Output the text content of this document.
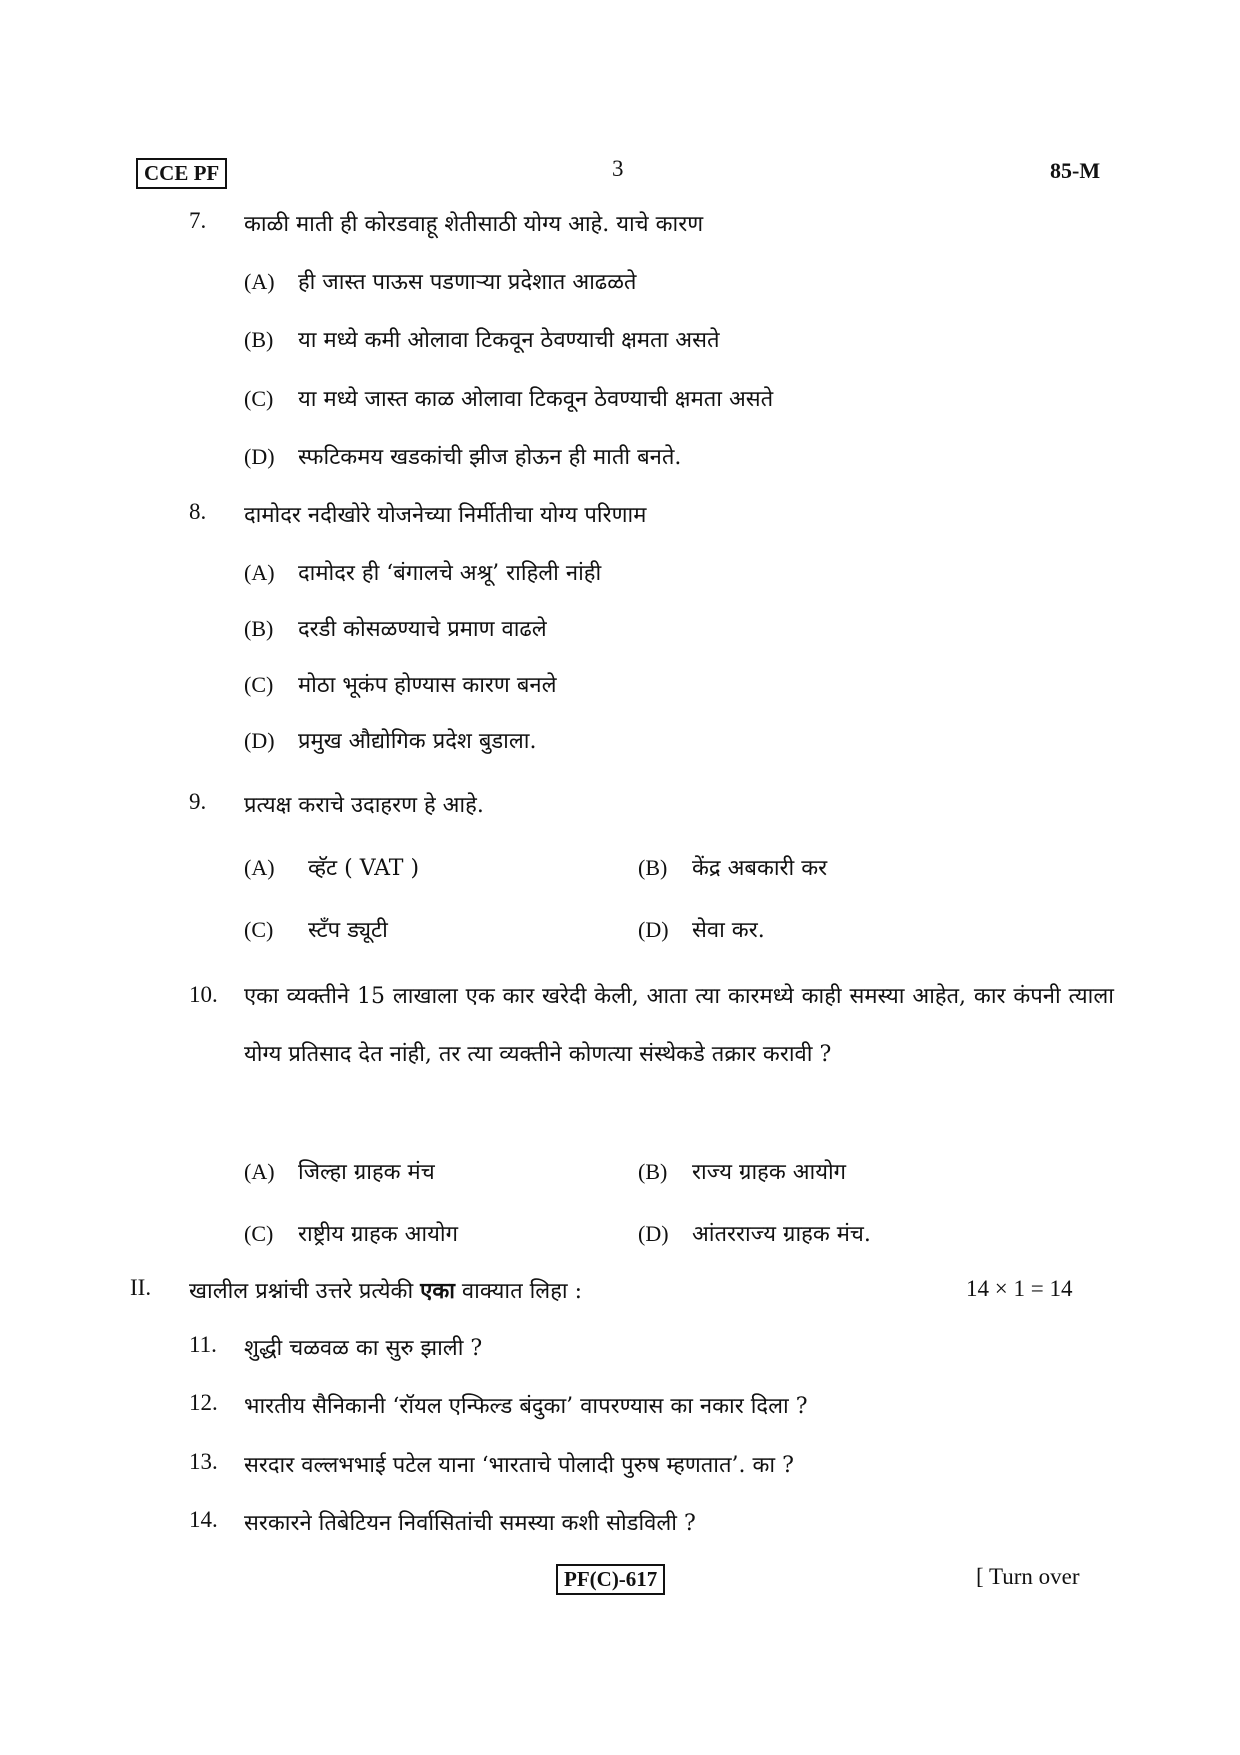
CCE PF	3	85-M
7. काळी माती ही कोरडवाहू शेतीसाठी योग्य आहे. याचे कारण
(A) ही जास्त पाऊस पडणाऱ्या प्रदेशात आढळते
(B) या मध्ये कमी ओलावा टिकवून ठेवण्याची क्षमता असते
(C) या मध्ये जास्त काळ ओलावा टिकवून ठेवण्याची क्षमता असते
(D) स्फटिकमय खडकांची झीज होऊन ही माती बनते.
8. दामोदर नदीखोरे योजनेच्या निर्मीतीचा योग्य परिणाम
(A) दामोदर ही ‘बंगालचे अश्रू’ राहिली नांही
(B) दरडी कोसळण्याचे प्रमाण वाढले
(C) मोठा भूकंप होण्यास कारण बनले
(D) प्रमुख औद्योगिक प्रदेश बुडाला.
9. प्रत्यक्ष कराचे उदाहरण हे आहे.
(A) व्हॅट ( VAT )	(B) केंद्र अबकारी कर
(C) स्टँप ड्यूटी	(D) सेवा कर.
10. एका व्यक्तीने 15 लाखाला एक कार खरेदी केली, आता त्या कारमध्ये काही समस्या आहेत, कार कंपनी त्याला योग्य प्रतिसाद देत नांही, तर त्या व्यक्तीने कोणत्या संस्थेकडे तक्रार करावी ?
(A) जिल्हा ग्राहक मंच	(B) राज्य ग्राहक आयोग
(C) राष्ट्रीय ग्राहक आयोग	(D) आंतरराज्य ग्राहक मंच.
II. खालील प्रश्नांची उत्तरे प्रत्येकी एका वाक्यात लिहा :	14 × 1 = 14
11. शुद्धी चळवळ का सुरु झाली ?
12. भारतीय सैनिकानी ‘रॉयल एन्फिल्ड बंदुका’ वापरण्यास का नकार दिला ?
13. सरदार वल्लभभाई पटेल याना ‘भारताचे पोलादी पुरुष म्हणतात’. का ?
14. सरकारने तिबेटियन निर्वासितांची समस्या कशी सोडविली ?
PF(C)-617	[ Turn over
